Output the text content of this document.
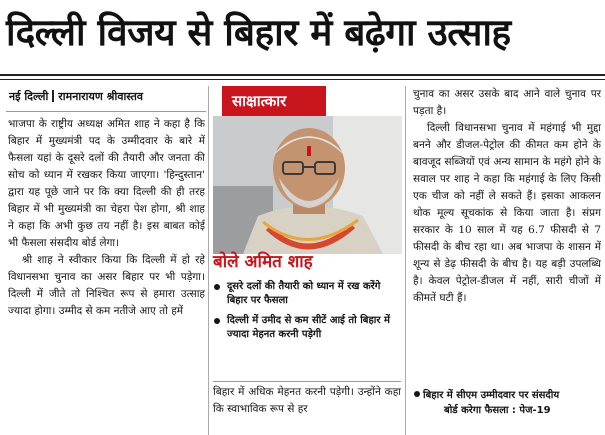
दिल्ली विजय से बिहार में बढ़ेगा उत्साह
नई दिल्ली रामनारायण श्रीवास्तव

भाजपा के राष्ट्रीय अध्यक्ष अमित शाह ने कहा है कि बिहार में मुख्यमंत्री पद के उम्मीदवार के बारे में फैसला यहां के दूसरे दलों की तैयारी और जनता की सोच को ध्यान में रखकर किया जाएगा। 'हिन्दुस्तान' द्वारा यह पूछे जाने पर कि क्या दिल्ली की ही तरह बिहार में भी मुख्यमंत्री का चेहरा पेश होगा, श्री शाह ने कहा कि अभी कुछ तय नहीं है। इस बाबत कोई भी फैसला संसदीय बोर्ड लेगा।

श्री शाह ने स्वीकार किया कि दिल्ली में हो रहे विधानसभा चुनाव का असर बिहार पर भी पड़ेगा। दिल्ली में जीते तो निश्चित रूप से हमारा उत्साह ज्यादा होगा। उम्मीद से कम नतीजे आए तो हमें

साक्षात्कार
बोले अमित शाह
दूसरे दलों की तैयारी को ध्यान में रख करेंगे बिहार पर फैसला
दिल्ली में उमीद से कम सीटें आई तो बिहार में ज्यादा मेहनत करनी पड़ेगी

बिहार में अधिक मेहनत करनी पड़ेगी। उन्होंने कहा कि स्वाभाविक रूप से हर

चुनाव का असर उसके बाद आने वाले चुनाव पर पड़ता है।

दिल्ली विधानसभा चुनाव में महंगाई भी मुद्दा बनने और डीजल-पेट्रोल की कीमत कम होने के बावजूद सब्जियों एवं अन्य सामान के महंगे होने के सवाल पर शाह ने कहा कि महंगाई के लिए किसी एक चीज को नहीं ले सकते हैं। इसका आकलन थोक मूल्य सूचकांक से किया जाता है। संप्रग सरकार के 10 साल में यह 6.7 फीसदी से 7 फीसदी के बीच रहा था। अब भाजपा के शासन में शून्य से डेढ़ फीसदी के बीच है। यह बड़ी उपलब्धि है। केवल पेट्रोल-डीजल में नहीं, सारी चीजों में कीमतें घटी हैं।

बिहार में सीएम उम्मीदवार पर संसदीय
बोर्ड करेगा फैसला : पेज-19
